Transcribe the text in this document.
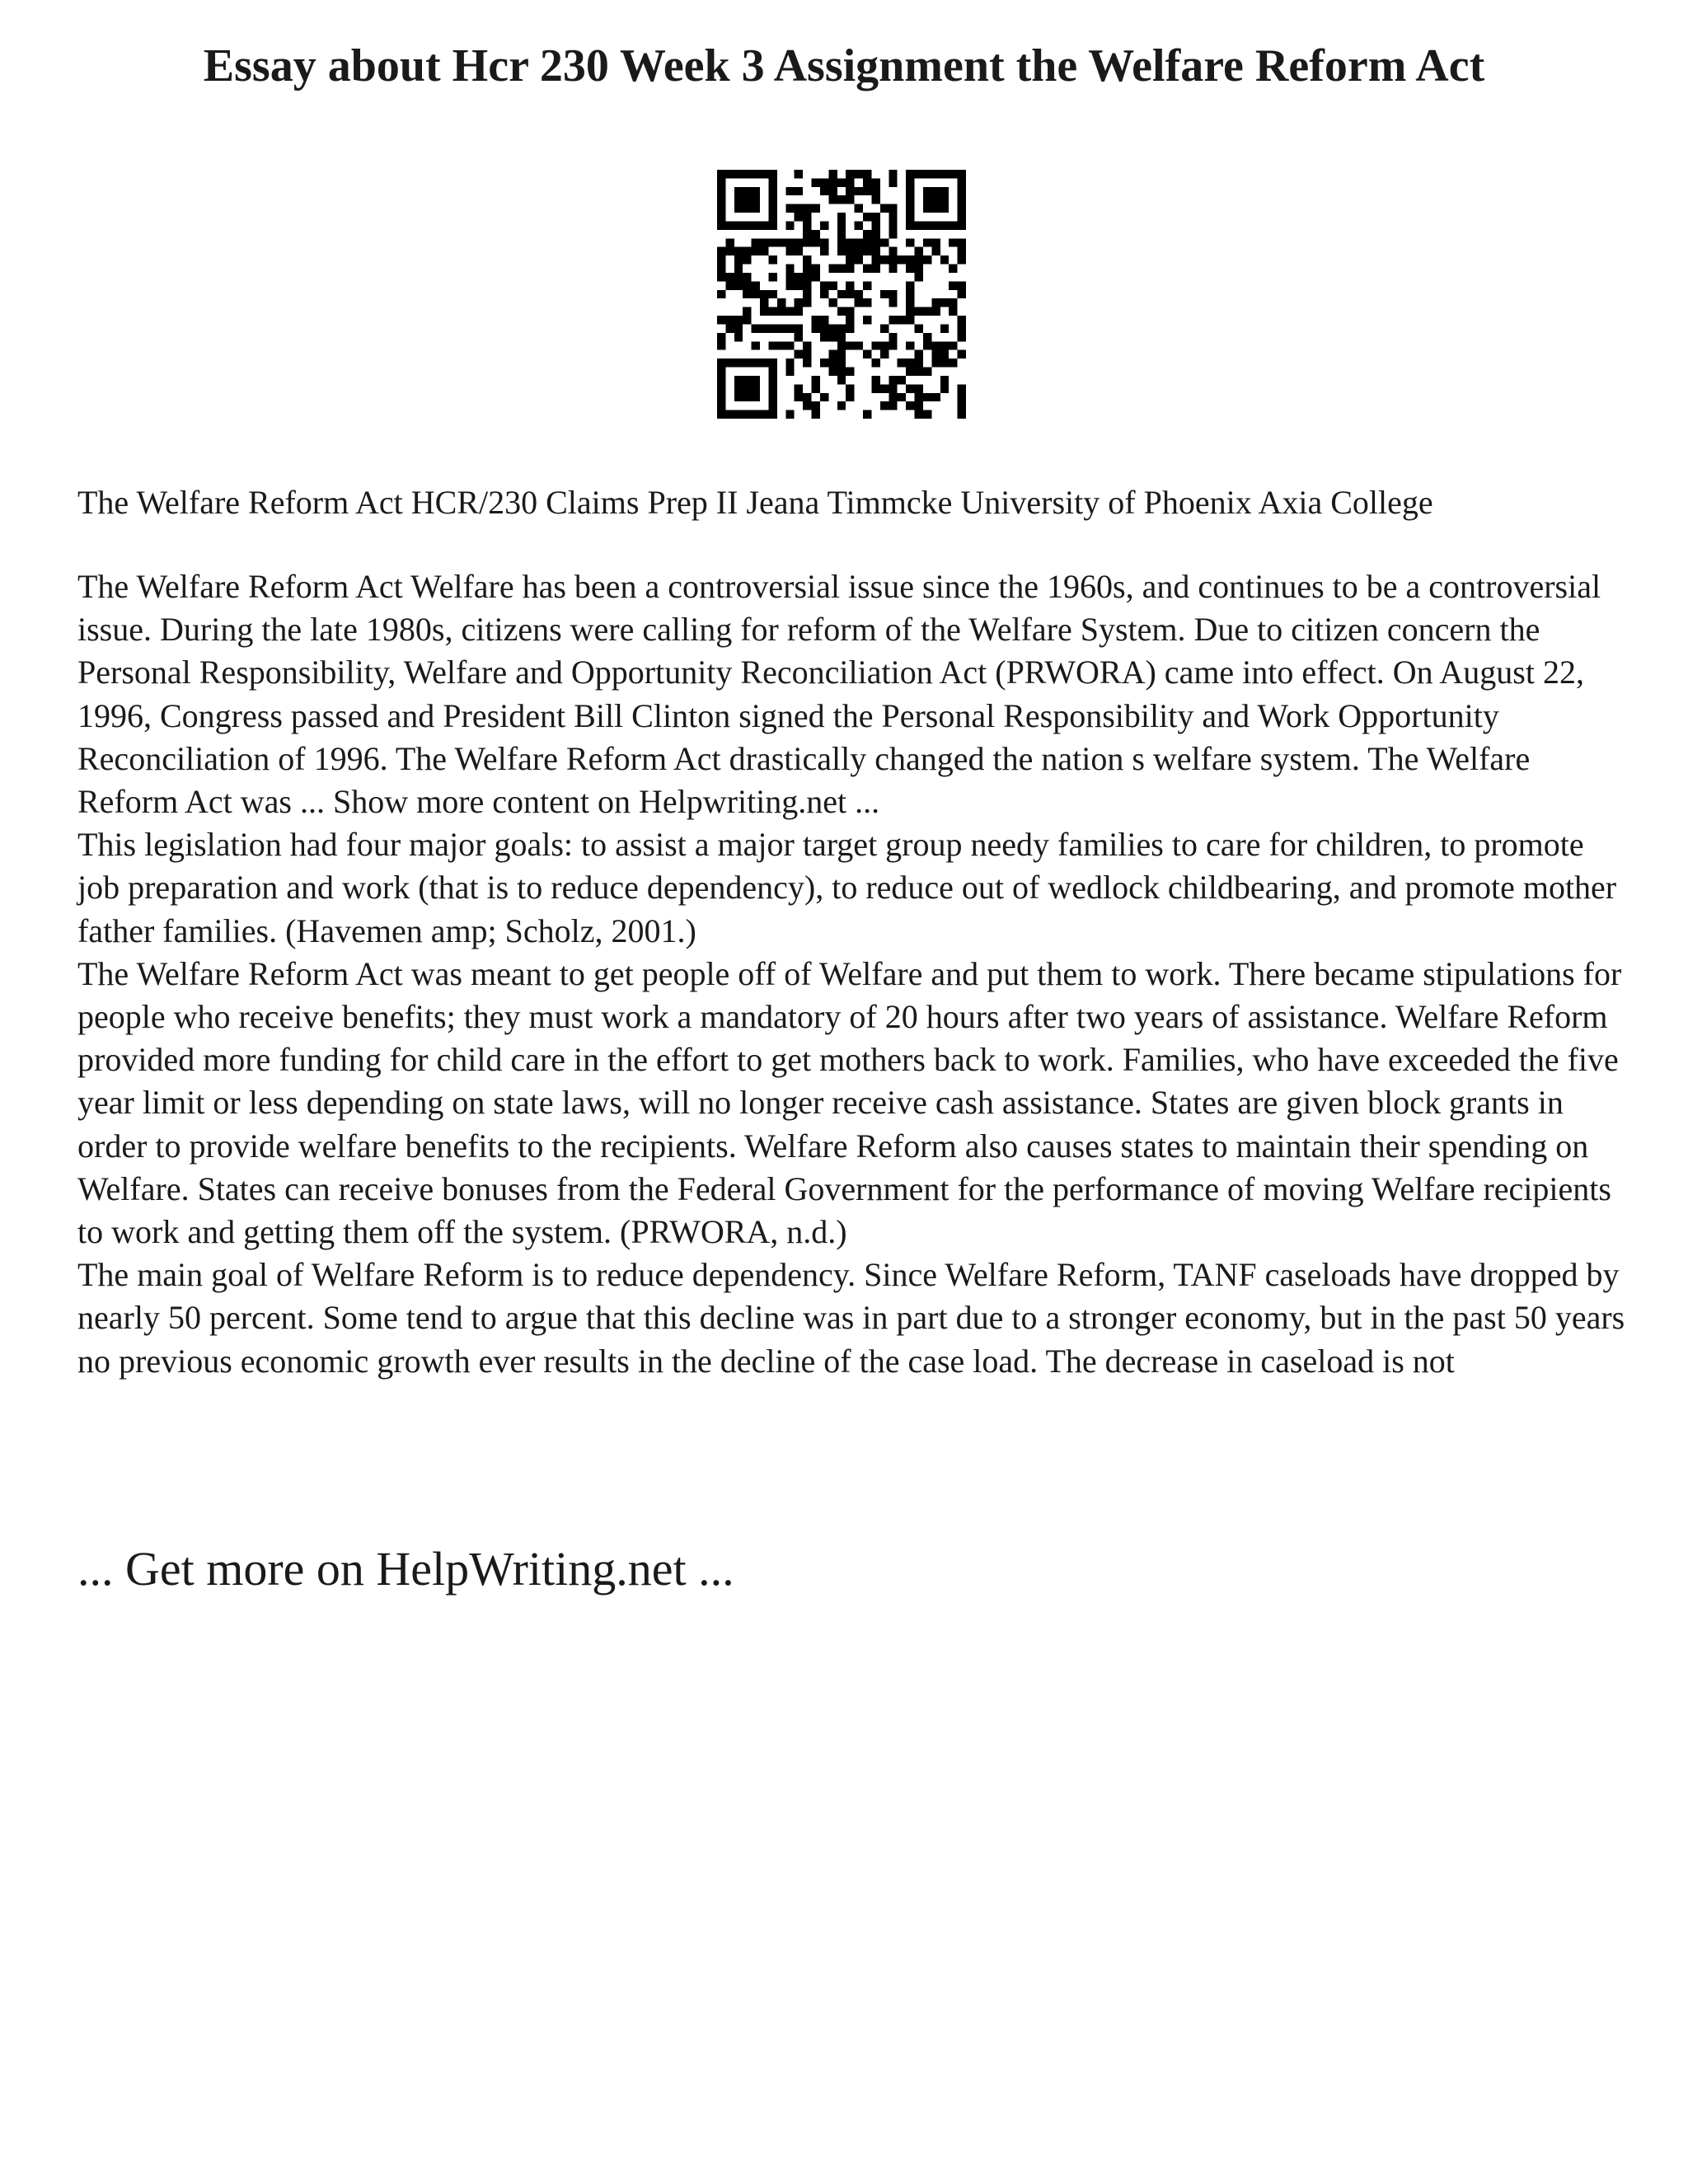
Essay about Hcr 230 Week 3 Assignment the Welfare Reform Act
The Welfare Reform Act HCR/230 Claims Prep II Jeana Timmcke University of Phoenix Axia College

The Welfare Reform Act Welfare has been a controversial issue since the 1960s, and continues to be a controversial issue. During the late 1980s, citizens were calling for reform of the Welfare System. Due to citizen concern the Personal Responsibility, Welfare and Opportunity Reconciliation Act (PRWORA) came into effect. On August 22, 1996, Congress passed and President Bill Clinton signed the Personal Responsibility and Work Opportunity Reconciliation of 1996. The Welfare Reform Act drastically changed the nation s welfare system. The Welfare Reform Act was ... Show more content on Helpwriting.net ...

This legislation had four major goals: to assist a major target group needy families to care for children, to promote job preparation and work (that is to reduce dependency), to reduce out of wedlock childbearing, and promote mother father families. (Havemen amp; Scholz, 2001.)

The Welfare Reform Act was meant to get people off of Welfare and put them to work. There became stipulations for people who receive benefits; they must work a mandatory of 20 hours after two years of assistance. Welfare Reform provided more funding for child care in the effort to get mothers back to work. Families, who have exceeded the five year limit or less depending on state laws, will no longer receive cash assistance. States are given block grants in order to provide welfare benefits to the recipients. Welfare Reform also causes states to maintain their spending on Welfare. States can receive bonuses from the Federal Government for the performance of moving Welfare recipients to work and getting them off the system. (PRWORA, n.d.)

The main goal of Welfare Reform is to reduce dependency. Since Welfare Reform, TANF caseloads have dropped by nearly 50 percent. Some tend to argue that this decline was in part due to a stronger economy, but in the past 50 years no previous economic growth ever results in the decline of the case load. The decrease in caseload is not

... Get more on HelpWriting.net ...
